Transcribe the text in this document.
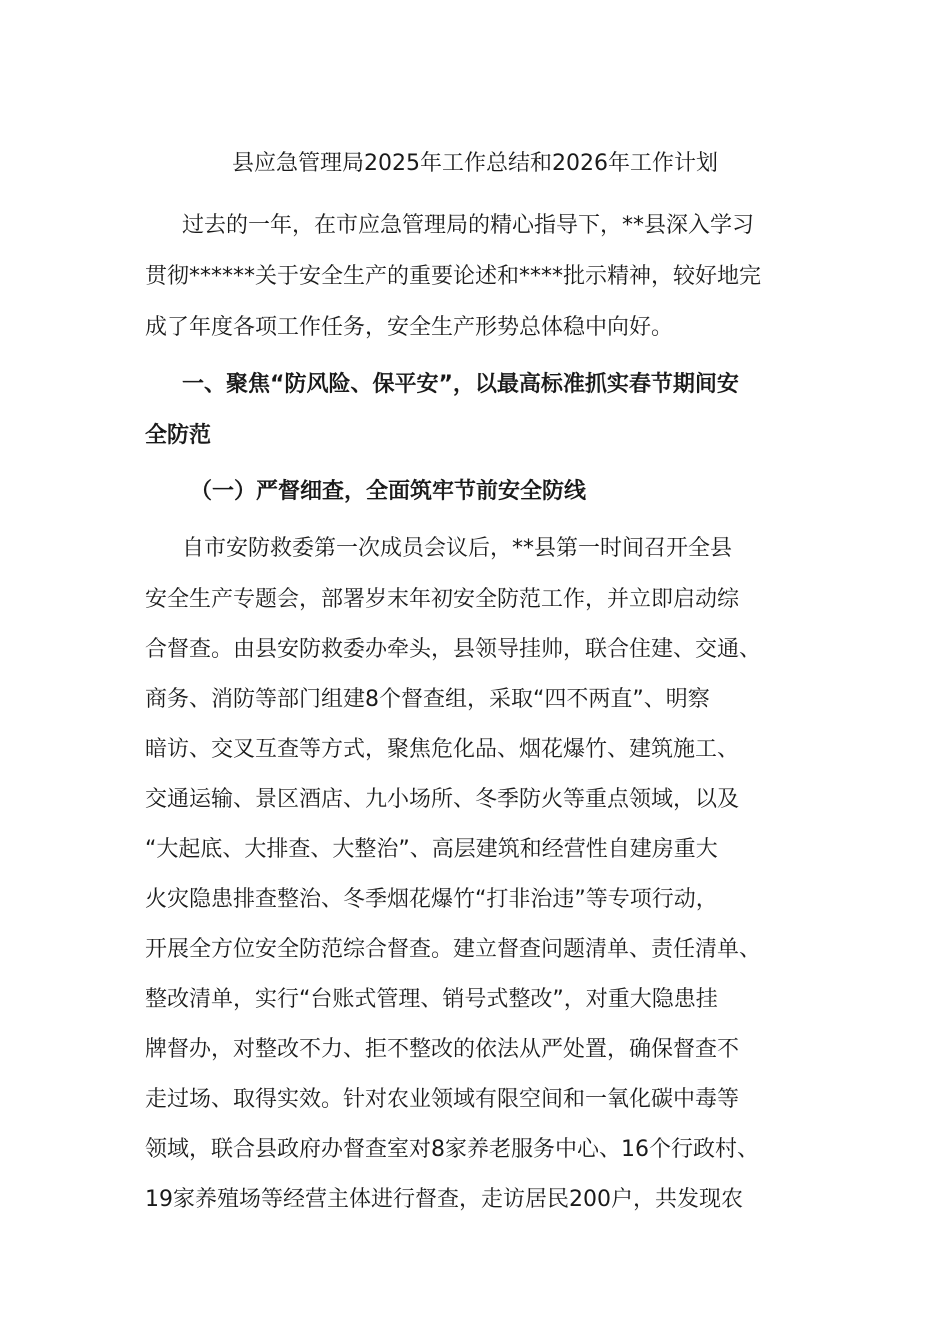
县应急管理局2025年工作总结和2026年工作计划
过去的一年，在市应急管理局的精心指导下，**县深入学习
贯彻******关于安全生产的重要论述和****批示精神，较好地完
成了年度各项工作任务，安全生产形势总体稳中向好。
一、聚焦“防风险、保平安”，以最高标准抓实春节期间安
全防范
（一）严督细查，全面筑牢节前安全防线
自市安防救委第一次成员会议后，**县第一时间召开全县
安全生产专题会，部署岁末年初安全防范工作，并立即启动综
合督查。由县安防救委办牵头，县领导挂帅，联合住建、交通、
商务、消防等部门组建8个督查组，采取“四不两直”、明察
暗访、交叉互查等方式，聚焦危化品、烟花爆竹、建筑施工、
交通运输、景区酒店、九小场所、冬季防火等重点领域，以及
“大起底、大排查、大整治”、高层建筑和经营性自建房重大
火灾隐患排查整治、冬季烟花爆竹“打非治违”等专项行动，
开展全方位安全防范综合督查。建立督查问题清单、责任清单、
整改清单，实行“台账式管理、销号式整改”，对重大隐患挂
牌督办，对整改不力、拒不整改的依法从严处置，确保督查不
走过场、取得实效。针对农业领域有限空间和一氧化碳中毒等
领域，联合县政府办督查室对8家养老服务中心、16个行政村、
19家养殖场等经营主体进行督查，走访居民200户，共发现农
